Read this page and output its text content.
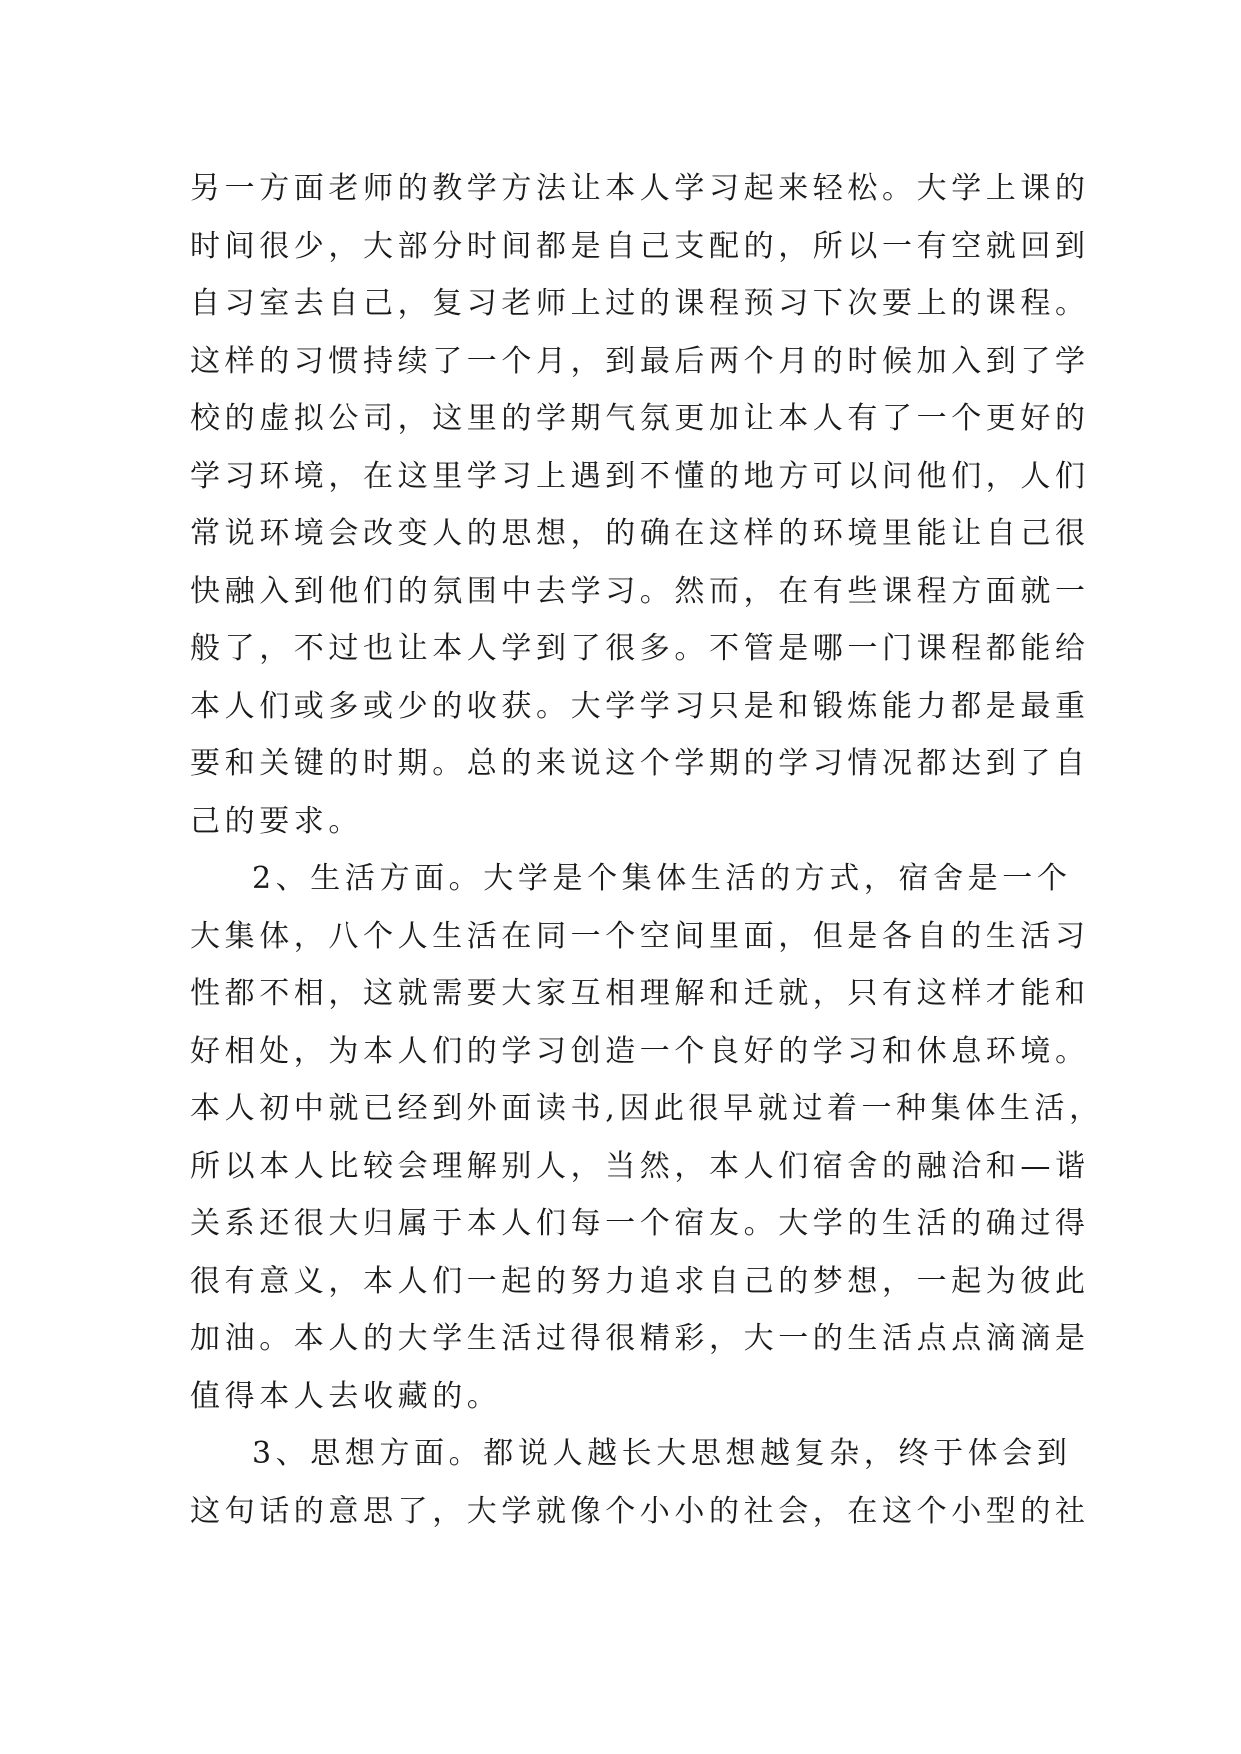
另一方面老师的教学方法让本人学习起来轻松。大学上课的
时间很少，大部分时间都是自己支配的，所以一有空就回到
自习室去自己，复习老师上过的课程预习下次要上的课程。
这样的习惯持续了一个月，到最后两个月的时候加入到了学
校的虚拟公司，这里的学期气氛更加让本人有了一个更好的
学习环境，在这里学习上遇到不懂的地方可以问他们，人们
常说环境会改变人的思想，的确在这样的环境里能让自己很
快融入到他们的氛围中去学习。然而，在有些课程方面就一
般了，不过也让本人学到了很多。不管是哪一门课程都能给
本人们或多或少的收获。大学学习只是和锻炼能力都是最重
要和关键的时期。总的来说这个学期的学习情况都达到了自
己的要求。
2、生活方面。大学是个集体生活的方式，宿舍是一个
大集体，八个人生活在同一个空间里面，但是各自的生活习
性都不相，这就需要大家互相理解和迁就，只有这样才能和
好相处，为本人们的学习创造一个良好的学习和休息环境。
本人初中就已经到外面读书,因此很早就过着一种集体生活，
所以本人比较会理解别人，当然，本人们宿舍的融洽和—谐
关系还很大归属于本人们每一个宿友。大学的生活的确过得
很有意义，本人们一起的努力追求自己的梦想，一起为彼此
加油。本人的大学生活过得很精彩，大一的生活点点滴滴是
值得本人去收藏的。
3、思想方面。都说人越长大思想越复杂，终于体会到
这句话的意思了，大学就像个小小的社会，在这个小型的社
